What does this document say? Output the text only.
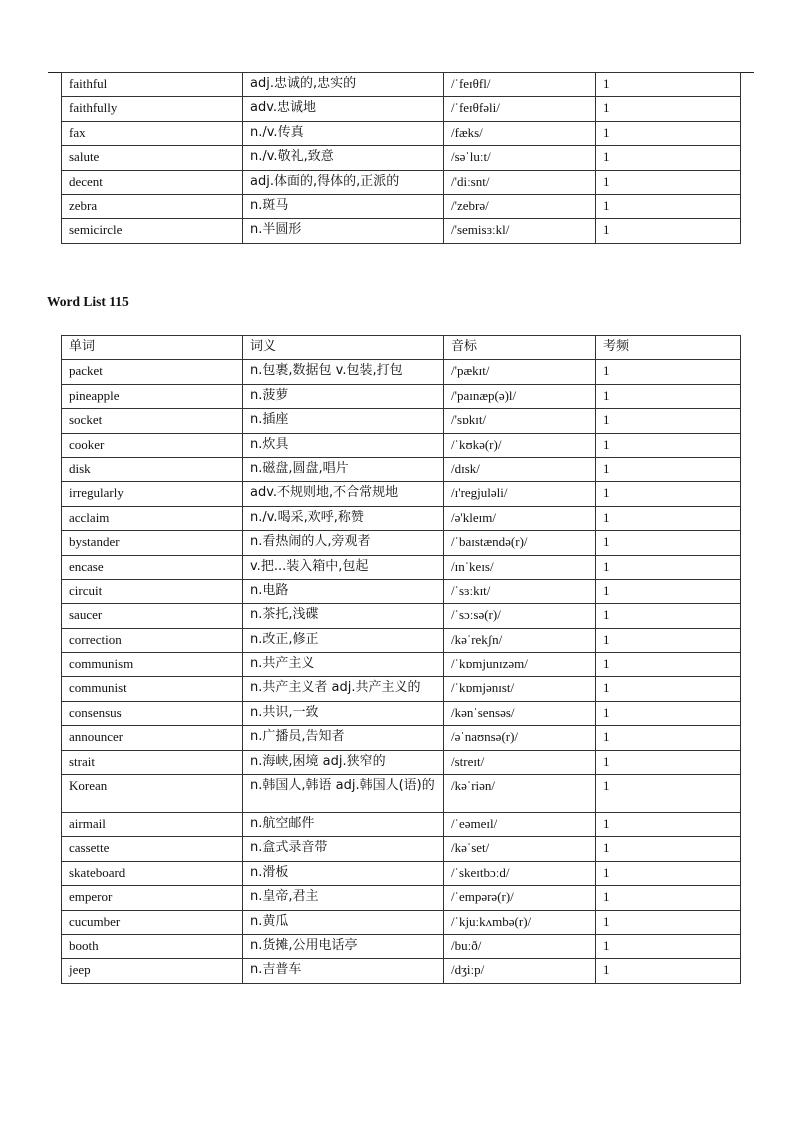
faithful	adj.忠诚的,忠实的	/ˈfeɪθfl/	1
faithfully	adv.忠诚地	/ˈfeɪθfəli/	1
fax	n./v.传真	/fæks/	1
salute	n./v.敬礼,致意	/səˈluːt/	1
decent	adj.体面的,得体的,正派的	/'diːsnt/	1
zebra	n.斑马	/'zebrə/	1
semicircle	n.半圆形	/'semisɜːkl/	1
Word List 115
单词	词义	音标	考频
packet	n.包裹,数据包 v.包装,打包	/'pækɪt/	1
pineapple	n.菠萝	/'paɪnæp(ə)l/	1
socket	n.插座	/'sɒkɪt/	1
cooker	n.炊具	/ˈkʊkə(r)/	1
disk	n.磁盘,圆盘,唱片	/dɪsk/	1
irregularly	adv.不规则地,不合常规地	/ɪ'regjuləli/	1
acclaim	n./v.喝采,欢呼,称赞	/ə'kleɪm/	1
bystander	n.看热闹的人,旁观者	/ˈbaɪstændə(r)/	1
encase	v.把...装入箱中,包起	/ɪnˈkeɪs/	1
circuit	n.电路	/ˈsɜːkɪt/	1
saucer	n.茶托,浅碟	/ˈsɔːsə(r)/	1
correction	n.改正,修正	/kəˈrekʃn/	1
communism	n.共产主义	/ˈkɒmjunɪzəm/	1
communist	n.共产主义者 adj.共产主义的	/ˈkɒmjənɪst/	1
consensus	n.共识,一致	/kənˈsensəs/	1
announcer	n.广播员,告知者	/əˈnaʊnsə(r)/	1
strait	n.海峡,困境 adj.狭窄的	/streɪt/	1
Korean	n.韩国人,韩语 adj.韩国人(语)的	/kəˈriən/	1
airmail	n.航空邮件	/ˈeəmeɪl/	1
cassette	n.盒式录音带	/kəˈset/	1
skateboard	n.滑板	/ˈskeɪtbɔːd/	1
emperor	n.皇帝,君主	/ˈempərə(r)/	1
cucumber	n.黄瓜	/ˈkjuːkʌmbə(r)/	1
booth	n.货摊,公用电话亭	/buːð/	1
jeep	n.吉普车	/dʒiːp/	1
